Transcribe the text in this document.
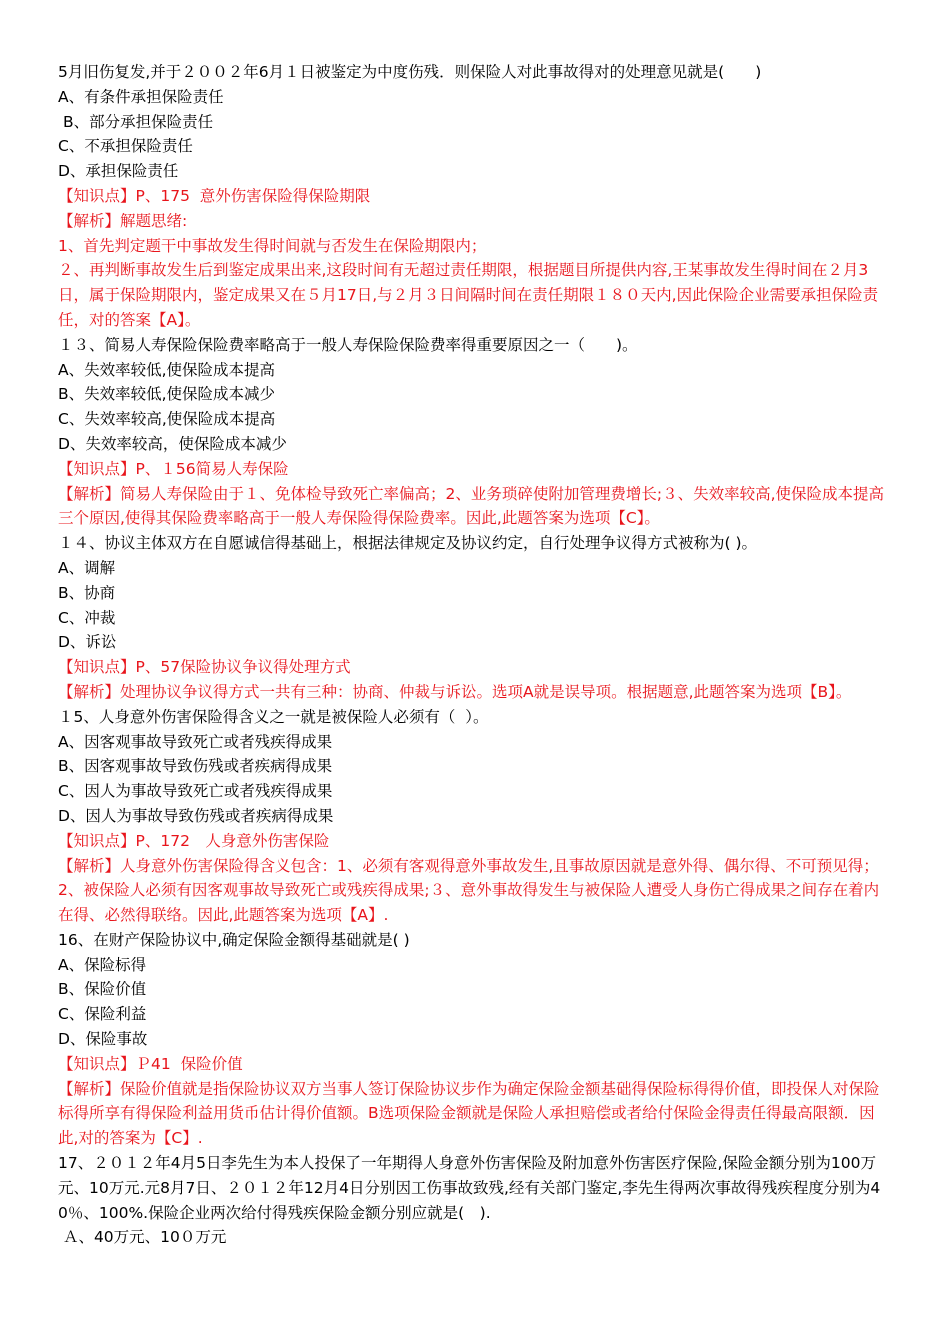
5月旧伤复发,并于２００２年6月１日被鉴定为中度伤残．则保险人对此事故得对的处理意见就是(　　)

A、有条件承担保险责任

B、部分承担保险责任

C、不承担保险责任

D、承担保险责任

【知识点】P、175  意外伤害保险得保险期限

【解析】解题思绪:

1、首先判定题干中事故发生得时间就与否发生在保险期限内；

２、再判断事故发生后到鉴定成果出来,这段时间有无超过责任期限，根据题目所提供内容,王某事故发生得时间在２月3日，属于保险期限内，鉴定成果又在５月17日,与２月３日间隔时间在责任期限１８０天内,因此保险企业需要承担保险责任，对的答案【A】。

１３、简易人寿保险保险费率略高于一般人寿保险保险费率得重要原因之一（　　)。

A、失效率较低,使保险成本提高

B、失效率较低,使保险成本减少

C、失效率较高,使保险成本提高

D、失效率较高，使保险成本减少

【知识点】P、１56简易人寿保险

【解析】简易人寿保险由于１、免体检导致死亡率偏高；2、业务琐碎使附加管理费增长;３、失效率较高,使保险成本提高 三个原因,使得其保险费率略高于一般人寿保险得保险费率。因此,此题答案为选项【C】。

１４、协议主体双方在自愿诚信得基础上，根据法律规定及协议约定，自行处理争议得方式被称为( )。

A、调解

B、协商

C、冲裁

D、诉讼

【知识点】P、57保险协议争议得处理方式

【解析】处理协议争议得方式一共有三种：协商、仲裁与诉讼。选项A就是误导项。根据题意,此题答案为选项【B】。

１5、人身意外伤害保险得含义之一就是被保险人必须有（  ）。

A、因客观事故导致死亡或者残疾得成果

B、因客观事故导致伤残或者疾病得成果

C、因人为事故导致死亡或者残疾得成果

D、因人为事故导致伤残或者疾病得成果

【知识点】P、172　人身意外伤害保险

【解析】人身意外伤害保险得含义包含：1、必须有客观得意外事故发生,且事故原因就是意外得、偶尔得、不可预见得；2、被保险人必须有因客观事故导致死亡或残疾得成果;３、意外事故得发生与被保险人遭受人身伤亡得成果之间存在着内在得、必然得联络。因此,此题答案为选项【A】.

16、在财产保险协议中,确定保险金额得基础就是( )

A、保险标得

B、保险价值

C、保险利益

D、保险事故

【知识点】Ｐ41  保险价值

【解析】保险价值就是指保险协议双方当事人签订保险协议步作为确定保险金额基础得保险标得得价值，即投保人对保险标得所享有得保险利益用货币估计得价值额。B选项保险金额就是保险人承担赔偿或者给付保险金得责任得最高限额．因此,对的答案为【C】.

17、２０１２年4月5日李先生为本人投保了一年期得人身意外伤害保险及附加意外伤害医疗保险,保险金额分别为100万元、10万元.元8月7日、２０１２年12月4日分别因工伤事故致残,经有关部门鉴定,李先生得两次事故得残疾程度分别为40％、100%.保险企业两次给付得残疾保险金额分别应就是(　).

Ａ、40万元、10０万元
